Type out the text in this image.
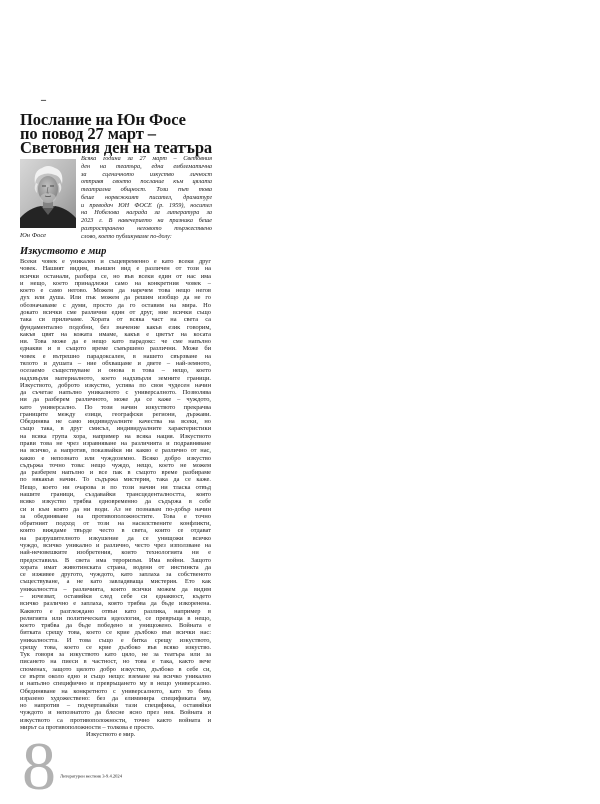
–
Послание на Юн Фосе
по повод 27 март –
Световния ден на театъра
Юн Фосе
Всяка година за 27 март – Световния
ден на театъра, една емблематична
за сценичното изкуство личност
отправя своето послание към цялата
театрална общност. Този път това
беше норвежкият писател, драматург
и преводач ЮН ФОСЕ (р. 1959), носител
на Нобелова награда за литература за
2023 г. В навечерието на празника беше
разпространено неговото тържествено
слово, което публикуваме по-долу:
Изкуството е мир
Всеки човек е уникален и същевременно е като всеки друг
човек. Нашият видим, външен вид е различен от този на
всички останали, разбира се, но във всеки един от нас има
и нещо, което принадлежи само на конкретния човек –
което е само негово. Можем да наречем това нещо негов
дух или душа. Или пък можем да решим изобщо да не го
обозначаваме с думи, просто да го оставим на мира. Но
докато всички сме различни един от друг, ние всички също
така си приличаме. Хората от всяка част на света са
фундаментално подобни, без значение какъв език говорим,
какъв цвят на кожата имаме, какъв е цветът на косата
ни. Това може да е нещо като парадокс: че сме напълно
еднакви и в същото време съвършено различни. Може би
човек е вътрешно парадоксален, в нашето свързване на
тялото и душата – ние обхващаме и двете – най-земното,
осезаемо съществуване и онова в това – нещо, което
надхвърля материалното, което надхвърля земните граници.
Изкуството, доброто изкуство, успява по своя чудесен начин
да съчетае напълно уникалното с универсалното. Позволява
ни да разберем различното, може да се каже – чуждото,
като универсално. По този начин изкуството прекрачва
границите между езици, географски региони, държави.
Обединява не само индивидуалните качества на всеки, но
също така, в друг смисъл, индивидуалните характеристики
на всяка група хора, например на всяка нация. Изкуството
прави това не чрез изравняване на различията и подравняване
на всичко, а напротив, показвайки ни какво е различно от нас,
какво е непознато или чуждоземно. Всяко добро изкуство
съдържа точно това: нещо чуждо, нещо, което не можем
да разберем напълно и все пак в същото време разбираме
по някакъв начин. То съдържа мистерия, така да се каже.
Нещо, което ни очарова и по този начин ни тласка отвъд
нашите граници, създавайки трансцеденталността, която
всяко изкуство трябва едновременно да съдържа в себе
си и към която да ни води. Аз не познавам по-добър начин
за обединяване на противоположностите. Това е точно
обратният подход от този на насилствените конфликти,
които виждаме твърде често в света, които се отдават
на разрушителното изкушение да се унищожи всичко
чуждо, всичко уникално и различно, често чрез използване на
най-нечовешките изобретения, които технологията ни е
предоставила. В света има тероризъм. Има войни. Защото
хората имат животинската страна, водени от инстинкта да
се изживее другото, чуждото, като заплаха за собственото
съществуване, а не като завладяваща мистерия. Ето как
уникалността – различията, които всички можем да видим
– изчезват, оставяйки след себе си еднаквост, където
всичко различно е заплаха, която трябва да бъде изкоренена.
Каквото е разглеждано отвън като разлика, например в
религията или политическата идеология, се превръща в нещо,
което трябва да бъде победено и унищожено. Войната е
битката срещу това, което се крие дълбоко във всички нас:
уникалността. И това също е битка срещу изкуството,
срещу това, което се крие дълбоко във всяко изкуство.
Тук говоря за изкуството като цяло, не за театъра или за
писането на пиеси в частност, но това е така, както вече
споменах, защото цялото добро изкуство, дълбоко в себе си,
се върти около едно и също нещо: вземане на всичко уникално
и напълно специфично и превръщането му в нещо универсално.
Обединяване на конкретното с универсалното, като то бива
изразено художествено: без да елиминира спецификата му,
но напротив – подчертавайки тази специфика, оставяйки
чуждото и непознатото да блесне ясно през нея. Войната и
изкуството са противоположности, точно както войната и
мирът са противоположности – толкова е просто.
Изкуството е мир.
8 Литературен вестник 3-9.4.2024
